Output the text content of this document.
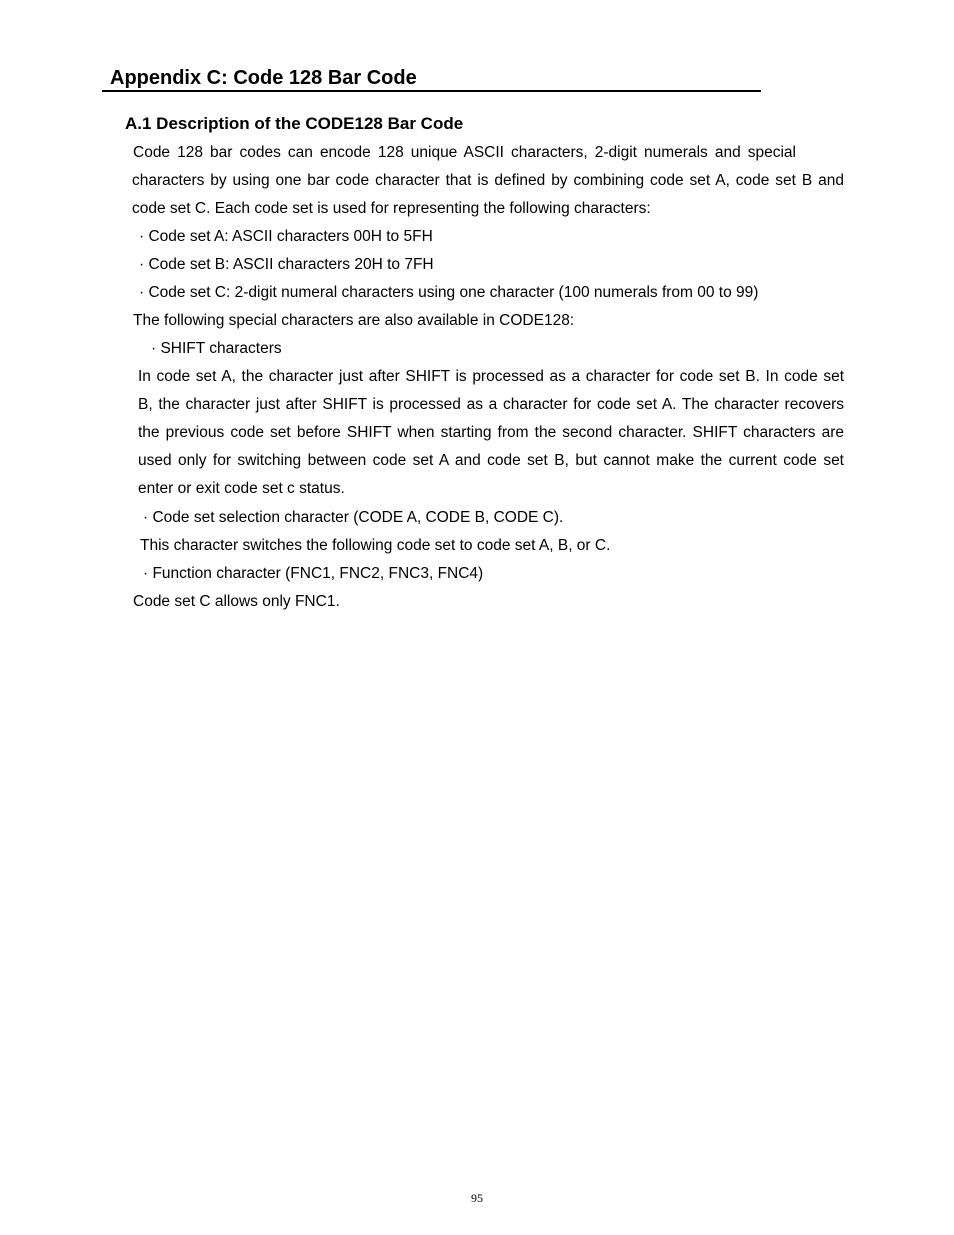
Appendix C: Code 128 Bar Code
A.1 Description of the CODE128 Bar Code

Code 128 bar codes can encode 128 unique ASCII characters, 2-digit numerals and special

characters by using one bar code character that is defined by combining code set A, code set B and

code set C. Each code set is used for representing the following characters:

· Code set A: ASCII characters 00H to 5FH

· Code set B: ASCII characters 20H to 7FH

· Code set C: 2-digit numeral characters using one character (100 numerals from 00 to 99)

The following special characters are also available in CODE128:

· SHIFT characters

In code set A, the character just after SHIFT is processed as a character for code set B. In code set

B, the character just after SHIFT is processed as a character for code set A. The character recovers

the previous code set before SHIFT when starting from the second character. SHIFT characters are

used only for switching between code set A and code set B, but cannot make the current code set

enter or exit code set c status.

· Code set selection character (CODE A, CODE B, CODE C).

This character switches the following code set to code set A, B, or C.

· Function character (FNC1, FNC2, FNC3, FNC4)

Code set C allows only FNC1.

95
